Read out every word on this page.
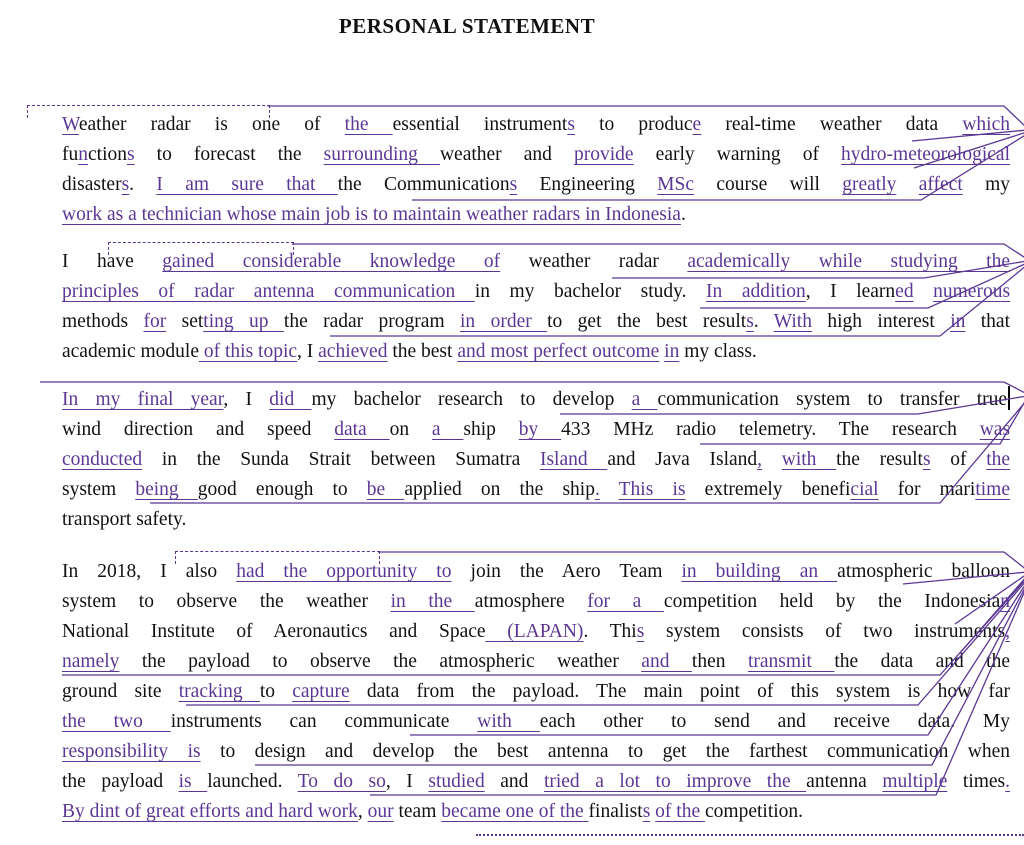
PERSONAL STATEMENT
Weather radar is one of the essential instruments to produce real-time weather data which
functions to forecast the surrounding weather and provide early warning of hydro-meteorological
disasters. I am sure that the Communications Engineering MSc course will greatly affect my
work as a technician whose main job is to maintain weather radars in Indonesia.
I have gained considerable knowledge of weather radar academically while studying the
principles of radar antenna communication in my bachelor study. In addition, I learned numerous
methods for setting up the radar program in order to get the best results. With high interest in that
academic module of this topic, I achieved the best and most perfect outcome in my class.
In my final year, I did my bachelor research to develop a communication system to transfer true
wind direction and speed data on a ship by 433 MHz radio telemetry. The research was
conducted in the Sunda Strait between Sumatra Island and Java Island, with the results of the
system being good enough to be applied on the ship. This is extremely beneficial for maritime
transport safety.
In 2018, I also had the opportunity to join the Aero Team in building an atmospheric balloon
system to observe the weather in the atmosphere for a competition held by the Indonesian
National Institute of Aeronautics and Space (LAPAN). This system consists of two instruments,
namely the payload to observe the atmospheric weather and then transmit the data and the
ground site tracking to capture data from the payload. The main point of this system is how far
the two instruments can communicate with each other to send and receive data. My
responsibility is to design and develop the best antenna to get the farthest communication when
the payload is launched. To do so, I studied and tried a lot to improve the antenna multiple times.
By dint of great efforts and hard work, our team became one of the finalists of the competition.
